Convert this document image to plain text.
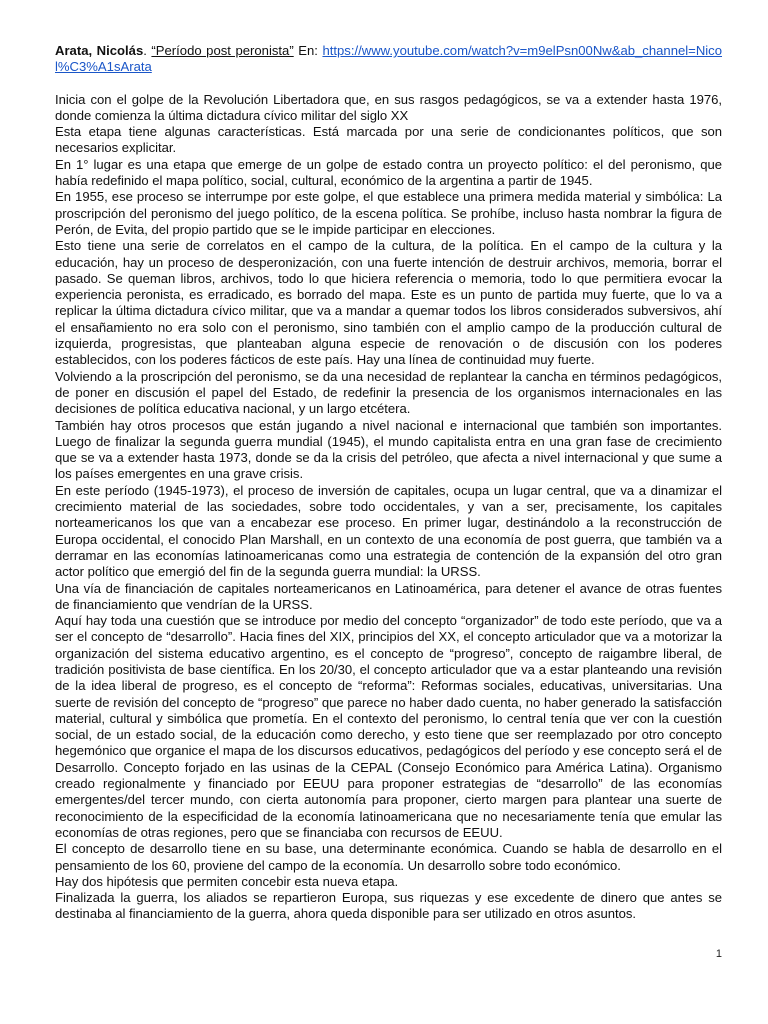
Arata, Nicolás. “Período post peronista” En: https://www.youtube.com/watch?v=m9elPsn00Nw&ab_channel=Nicol%C3%A1sArata

Inicia con el golpe de la Revolución Libertadora que, en sus rasgos pedagógicos, se va a extender hasta 1976, donde comienza la última dictadura cívico militar del siglo XX

Esta etapa tiene algunas características. Está marcada por una serie de condicionantes políticos, que son necesarios explicitar.

En 1° lugar es una etapa que emerge de un golpe de estado contra un proyecto político: el del peronismo, que había redefinido el mapa político, social, cultural, económico de la argentina a partir de 1945.

En 1955, ese proceso se interrumpe por este golpe, el que establece una primera medida material y simbólica: La proscripción del peronismo del juego político, de la escena política. Se prohíbe, incluso hasta nombrar la figura de Perón, de Evita, del propio partido que se le impide participar en elecciones.

Esto tiene una serie de correlatos en el campo de la cultura, de la política. En el campo de la cultura y la educación, hay un proceso de desperonización, con una fuerte intención de destruir archivos, memoria, borrar el pasado. Se queman libros, archivos, todo lo que hiciera referencia o memoria, todo lo que permitiera evocar la experiencia peronista, es erradicado, es borrado del mapa. Este es un punto de partida muy fuerte, que lo va a replicar la última dictadura cívico militar, que va a mandar a quemar todos los libros considerados subversivos, ahí el ensañamiento no era solo con el peronismo, sino también con el amplio campo de la producción cultural de izquierda, progresistas, que planteaban alguna especie de renovación o de discusión con los poderes establecidos, con los poderes fácticos de este país. Hay una línea de continuidad muy fuerte.

Volviendo a la proscripción del peronismo, se da una necesidad de replantear la cancha en términos pedagógicos, de poner en discusión el papel del Estado, de redefinir la presencia de los organismos internacionales en las decisiones de política educativa nacional, y un largo etcétera.

También hay otros procesos que están jugando a nivel nacional e internacional que también son importantes. Luego de finalizar la segunda guerra mundial (1945), el mundo capitalista entra en una gran fase de crecimiento que se va a extender hasta 1973, donde se da la crisis del petróleo, que afecta a nivel internacional y que sume a los países emergentes en una grave crisis.

En este período (1945-1973), el proceso de inversión de capitales, ocupa un lugar central, que va a dinamizar el crecimiento material de las sociedades, sobre todo occidentales, y van a ser, precisamente, los capitales norteamericanos los que van a encabezar ese proceso. En primer lugar, destinándolo a la reconstrucción de Europa occidental, el conocido Plan Marshall, en un contexto de una economía de post guerra, que también va a derramar en las economías latinoamericanas como una estrategia de contención de la expansión del otro gran actor político que emergió del fin de la segunda guerra mundial: la URSS.

Una vía de financiación de capitales norteamericanos en Latinoamérica, para detener el avance de otras fuentes de financiamiento que vendrían de la URSS.

Aquí hay toda una cuestión que se introduce por medio del concepto “organizador” de todo este período, que va a ser el concepto de “desarrollo”. Hacia fines del XIX, principios del XX, el concepto articulador que va a motorizar la organización del sistema educativo argentino, es el concepto de “progreso”, concepto de raigambre liberal, de tradición positivista de base científica. En los 20/30, el concepto articulador que va a estar planteando una revisión de la idea liberal de progreso, es el concepto de “reforma”: Reformas sociales, educativas, universitarias. Una suerte de revisión del concepto de “progreso” que parece no haber dado cuenta, no haber generado la satisfacción material, cultural y simbólica que prometía. En el contexto del peronismo, lo central tenía que ver con la cuestión social, de un estado social, de la educación como derecho, y esto tiene que ser reemplazado por otro concepto hegemónico que organice el mapa de los discursos educativos, pedagógicos del período y ese concepto será el de Desarrollo. Concepto forjado en las usinas de la CEPAL (Consejo Económico para América Latina). Organismo creado regionalmente y financiado por EEUU para proponer estrategias de “desarrollo” de las economías emergentes/del tercer mundo, con cierta autonomía para proponer, cierto margen para plantear una suerte de reconocimiento de la especificidad de la economía latinoamericana que no necesariamente tenía que emular las economías de otras regiones, pero que se financiaba con recursos de EEUU.

El concepto de desarrollo tiene en su base, una determinante económica. Cuando se habla de desarrollo en el pensamiento de los 60, proviene del campo de la economía. Un desarrollo sobre todo económico.

Hay dos hipótesis que permiten concebir esta nueva etapa.

Finalizada la guerra, los aliados se repartieron Europa, sus riquezas y ese excedente de dinero que antes se destinaba al financiamiento de la guerra, ahora queda disponible para ser utilizado en otros asuntos.

1
